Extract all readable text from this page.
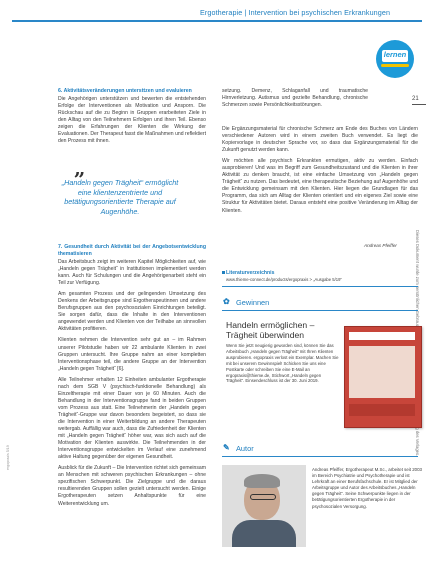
Ergotherapie | Intervention bei psychischen Erkrankungen
lernen
21
ergopraxis 5/19
6. Aktivitätsveränderungen untersttzen und evaluieren

Die Angehörigen unterstützen und bewerten die entstehenden Erfolge der Interventionen als Motivation und Ansporn. Die Rückschau auf die zu Beginn in Gruppen erarbeiteten Ziele in den Alltag von den Teilnehmern Erfolgen und ihren Teil. Ebenso zeigen die Erfahrungen der Klienten die Wirkung der Evaluationen. Der Therapeut fasst die Maßnahmen und reflektiert den Prozess mit ihnen.

„
„Handeln gegen Trägheit“ ermöglicht eine klientenzentrierte und betätigungsorientierte Therapie auf Augenhöhe.
7. Gesundheit durch Aktivität bei der Angebotsentwicklung thematisieren

Das Arbeitsbuch zeigt im weiteren Kapitel Möglichkeiten auf, wie „Handeln gegen Trägheit“ in Institutionen implementiert werden kann. Auch für Schulungen und die Angehörigenarbeit steht ein Teil zur Verfügung.

Am gesamten Prozess und der gelingenden Umsetzung des Denkens der Arbeitsgruppe sind Ergotherapeutinnen und andere Berufsgruppen aus den psychosozialen Einrichtungen beteiligt. Sie sorgen dafür, dass die Inhalte in den Interventionen angewendet werden und Klienten von der Teilhabe an sinnvollen Aktivitäten profitieren.

Klienten nehmen die Intervention sehr gut an – im Rahmen unserer Pilotstudie haben wir 22 ambulante Klienten in zwei Gruppen untersucht. Ihre Gruppe nahm an einer kompletten Interventionsphase teil, die andere Gruppe an der Intervention „Handeln gegen Trägheit“ [6].

Alle Teilnehmer erhalten 12 Einheiten ambulanter Ergotherapie nach dem SGB V (psychisch-funktionelle Behandlung) als Einzeltherapie mit einer Dauer von je 60 Minuten. Auch die Behandlung in der Interventionsgruppe fand in beiden Gruppen vom Prozess aus statt. Eine Teilnehmerin der „Handeln gegen Trägheit“-Gruppe war davon besonders begeistert, so dass sie die Intervention in einer Weiterbildung an andere Therapeuten weitergab. Auffällig war auch, dass die Zufriedenheit der Klienten mit „Handeln gegen Trägheit“ höher war, was sich auch auf die Motivation der Klienten auswirkte. Die Teilnehmenden in der Interventionsgruppe entwickelten im Verlauf eine zunehmend aktive Haltung gegenüber der eigenen Gesundheit.

Ausblick für die Zukunft – Die Intervention richtet sich gemeinsam an Menschen mit schweren psychischen Erkrankungen – ohne spezifischen Schwerpunkt. Die Zielgruppe und die daraus resultierenden Gruppen sollen gezielt untersucht werden. Einige Ergotherapeuten setzen Anhaltspunkte für eine Weiterentwicklung um.

setzung. Demenz, Schlaganfall und traumatische Hirnverletzung. Autismus und gezielte Behandlung, chronische Schmerzen sowie Persönlichkeitsstörungen.

Die Ergänzungsmaterial für chronische Schmerz am Ende des Buches von Ländern verschiedener Autoren wird in einem zweiten Buch verwendet. Es liegt die Kopiervorlage in deutscher Sprache vor, so dass das Ergänzungsmaterial für die Zukunft genutzt werden kann.

Wir möchten alle psychisch Erkrankten ermutigen, aktiv zu werden. Einfach ausprobieren! Und was im Begriff zum Gesundheitszustand und die Klienten in ihrer Aktivität zu denken braucht, ist eine einfache Umsetzung von „Handeln gegen Trägheit“ zu nutzen. Das bedeutet, eine therapeutische Beziehung auf Augenhöhe und die Entwicklung gemeinsam mit den Klienten. Hier liegen die Grundlagen für das Programm, das sich am Alltag der Klienten orientiert und ein eigenes Ziel sowie eine Struktur für Aktivitäten bietet. Daraus entsteht eine positive Veränderung im Alltag der Klienten.

Andreas Pfeiffer
Literaturverzeichnis
www.thieme-connect.de/products/ergopraxis > „Ausgabe 5/19“
✿ Gewinnen
Handeln ermöglichen – Trägheit überwinden
Wenn Sie jetzt neugierig geworden sind, können Sie das Arbeitsbuch „Handeln gegen Trägheit“ mit Ihren Klienten ausprobieren. ergopraxis verlost ein Exemplar. Machen Sie mit bei unserem Gewinnspiel! Schicken Sie uns eine Postkarte oder schreiben Sie eine E-Mail an ergopraxis@thieme.de, Stichwort „Handeln gegen Trägheit“. Einsendeschluss ist der 30. Juni 2019.
✎ Autor
Andreas Pfeiffer, Ergotherapeut M.Sc., arbeitet seit 2003 im Bereich Psychiatrie und Psychotherapie und ist Lehrkraft an einer Berufsfachschule. Er ist Mitglied der Arbeitsgruppe und Autor des Arbeitsbuches „Handeln gegen Trägheit“. Seine Schwerpunkte liegen in der betätigungsorientierten Ergotherapie in der psychosozialen Versorgung.
